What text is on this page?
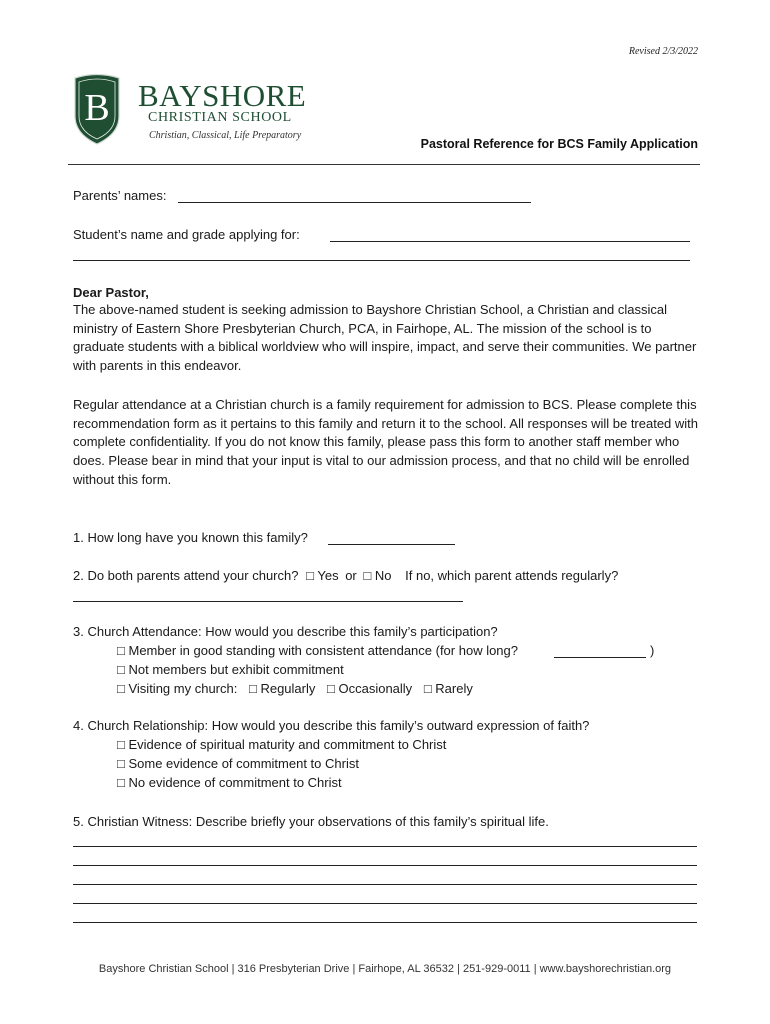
Revised 2/3/2022
B BAYSHORE
CHRISTIAN SCHOOL
Christian, Classical, Life Preparatory
Pastoral Reference for BCS Family Application
Parents’ names:
Student’s name and grade applying for:
Dear Pastor,
The above-named student is seeking admission to Bayshore Christian School, a Christian and classical ministry of Eastern Shore Presbyterian Church, PCA, in Fairhope, AL. The mission of the school is to graduate students with a biblical worldview who will inspire, impact, and serve their communities. We partner with parents in this endeavor.
Regular attendance at a Christian church is a family requirement for admission to BCS. Please complete this recommendation form as it pertains to this family and return it to the school. All responses will be treated with complete confidentiality. If you do not know this family, please pass this form to another staff member who does. Please bear in mind that your input is vital to our admission process, and that no child will be enrolled without this form.
1. How long have you known this family?
2. Do both parents attend your church? □ Yes or □ No If no, which parent attends regularly?
3. Church Attendance: How would you describe this family’s participation?
□ Member in good standing with consistent attendance (for how long?	)
□ Not members but exhibit commitment
□ Visiting my church: □ Regularly □ Occasionally □ Rarely
4. Church Relationship: How would you describe this family’s outward expression of faith?
□ Evidence of spiritual maturity and commitment to Christ
□ Some evidence of commitment to Christ
□ No evidence of commitment to Christ
5. Christian Witness: Describe briefly your observations of this family’s spiritual life.
Bayshore Christian School | 316 Presbyterian Drive | Fairhope, AL 36532 | 251-929-0011 | www.bayshorechristian.org
